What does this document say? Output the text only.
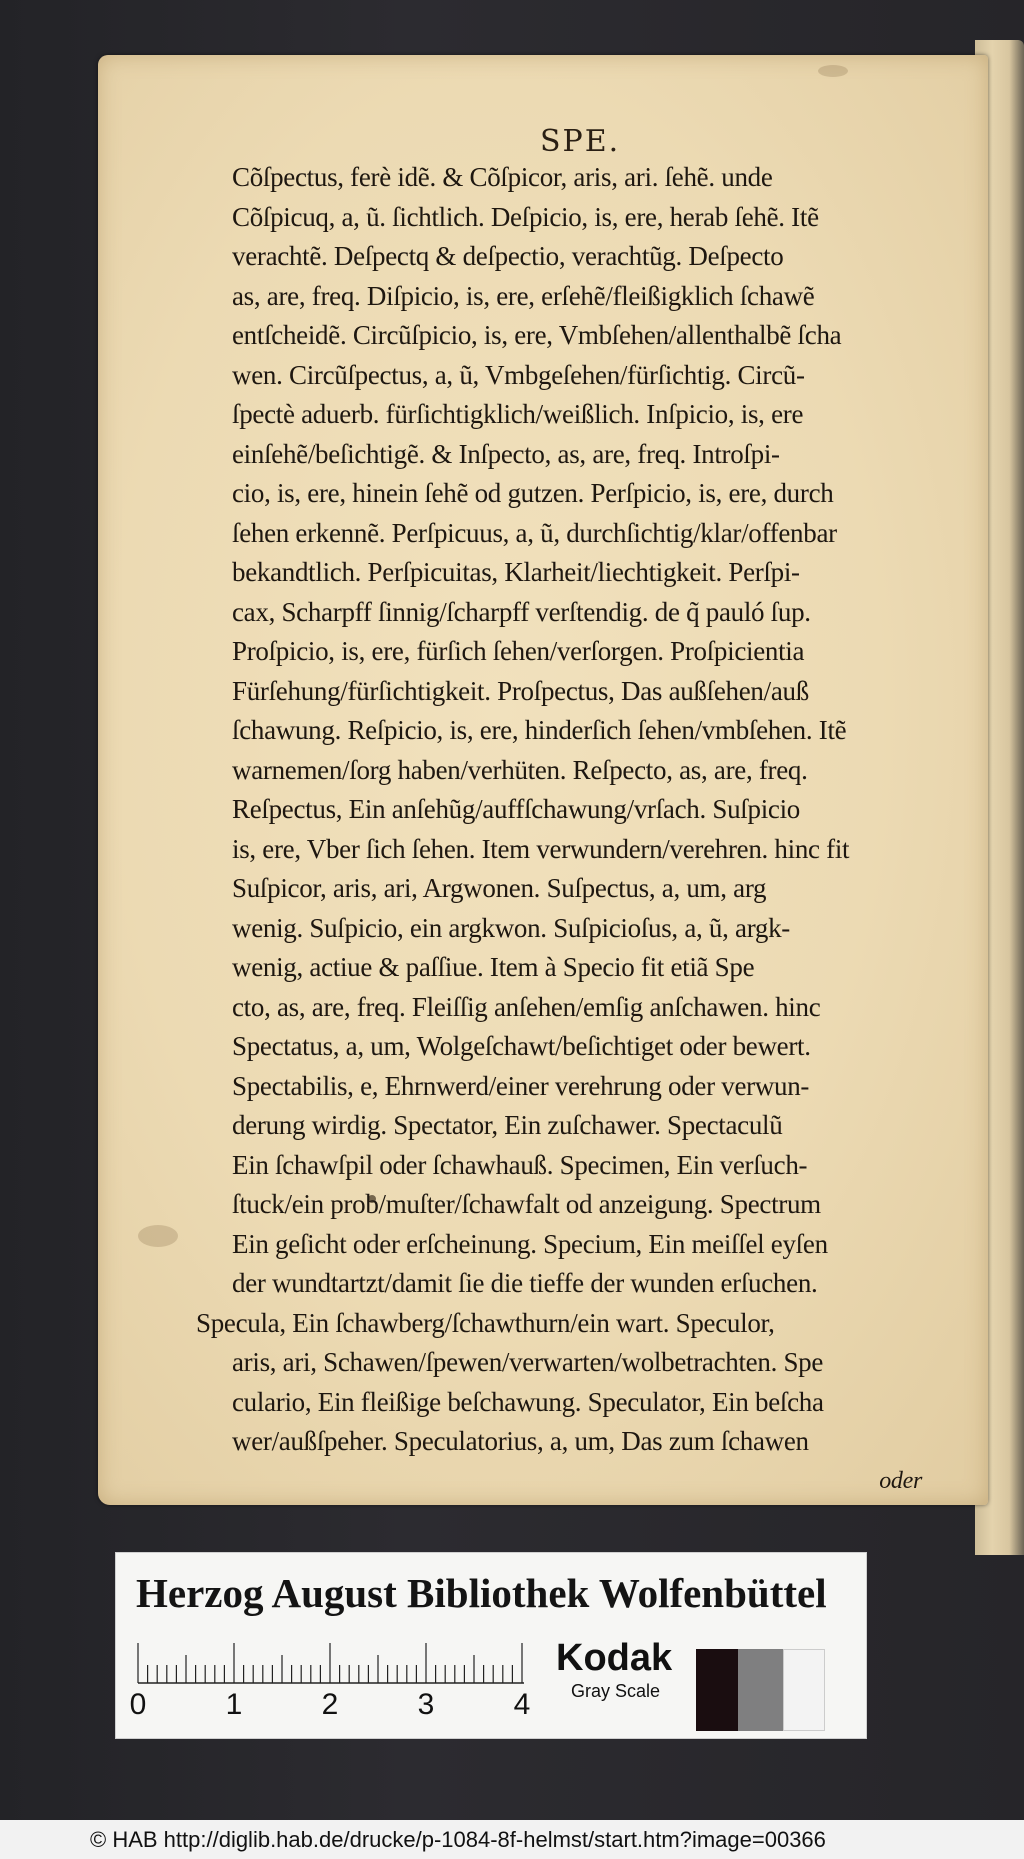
SPE.
Cõſpectus, ferè idẽ. & Cõſpicor, aris, ari. ſehẽ. unde
Cõſpicuq, a, ũ. ſichtlich. Deſpicio, is, ere, herab ſehẽ. Itẽ
verachtẽ. Deſpectq & deſpectio, verachtũg. Deſpecto
as, are, freq. Diſpicio, is, ere, erſehẽ/fleißigklich ſchawẽ
entſcheidẽ. Circũſpicio, is, ere, Vmbſehen/allenthalbẽ ſcha
wen. Circũſpectus, a, ũ, Vmbgeſehen/fürſichtig. Circũ-
ſpectè aduerb. fürſichtigklich/weißlich. Inſpicio, is, ere
einſehẽ/beſichtigẽ. & Inſpecto, as, are, freq. Introſpi-
cio, is, ere, hinein ſehẽ od gutzen. Perſpicio, is, ere, durch
ſehen erkennẽ. Perſpicuus, a, ũ, durchſichtig/klar/offenbar
bekandtlich. Perſpicuitas, Klarheit/liechtigkeit. Perſpi-
cax, Scharpff ſinnig/ſcharpff verſtendig. de q̃ pauló ſup.
Proſpicio, is, ere, fürſich ſehen/verſorgen. Proſpicientia
Fürſehung/fürſichtigkeit. Proſpectus, Das außſehen/auß
ſchawung. Reſpicio, is, ere, hinderſich ſehen/vmbſehen. Itẽ
warnemen/ſorg haben/verhüten. Reſpecto, as, are, freq.
Reſpectus, Ein anſehũg/auffſchawung/vrſach. Suſpicio
is, ere, Vber ſich ſehen. Item verwundern/verehren. hinc fit
Suſpicor, aris, ari, Argwonen. Suſpectus, a, um, arg
wenig. Suſpicio, ein argkwon. Suſpicioſus, a, ũ, argk-
wenig, actiue & paſſiue. Item à Specio fit etiã Spe
cto, as, are, freq. Fleiſſig anſehen/emſig anſchawen. hinc
Spectatus, a, um, Wolgeſchawt/beſichtiget oder bewert.
Spectabilis, e, Ehrnwerd/einer verehrung oder verwun-
derung wirdig. Spectator, Ein zuſchawer. Spectaculũ
Ein ſchawſpil oder ſchawhauß. Specimen, Ein verſuch-
ſtuck/ein prob/muſter/ſchawfalt od anzeigung. Spectrum
Ein geſicht oder erſcheinung. Specium, Ein meiſſel eyſen
der wundtartzt/damit ſie die tieffe der wunden erſuchen.
Specula, Ein ſchawberg/ſchawthurn/ein wart. Speculor,
aris, ari, Schawen/ſpewen/verwarten/wolbetrachten. Spe
culario, Ein fleißige beſchawung. Speculator, Ein beſcha
wer/außſpeher. Speculatorius, a, um, Das zum ſchawen
oder
Herzog August Bibliothek Wolfenbüttel
0	1	2	3	4
Kodak
Gray Scale
© HAB http://diglib.hab.de/drucke/p-1084-8f-helmst/start.htm?image=00366
